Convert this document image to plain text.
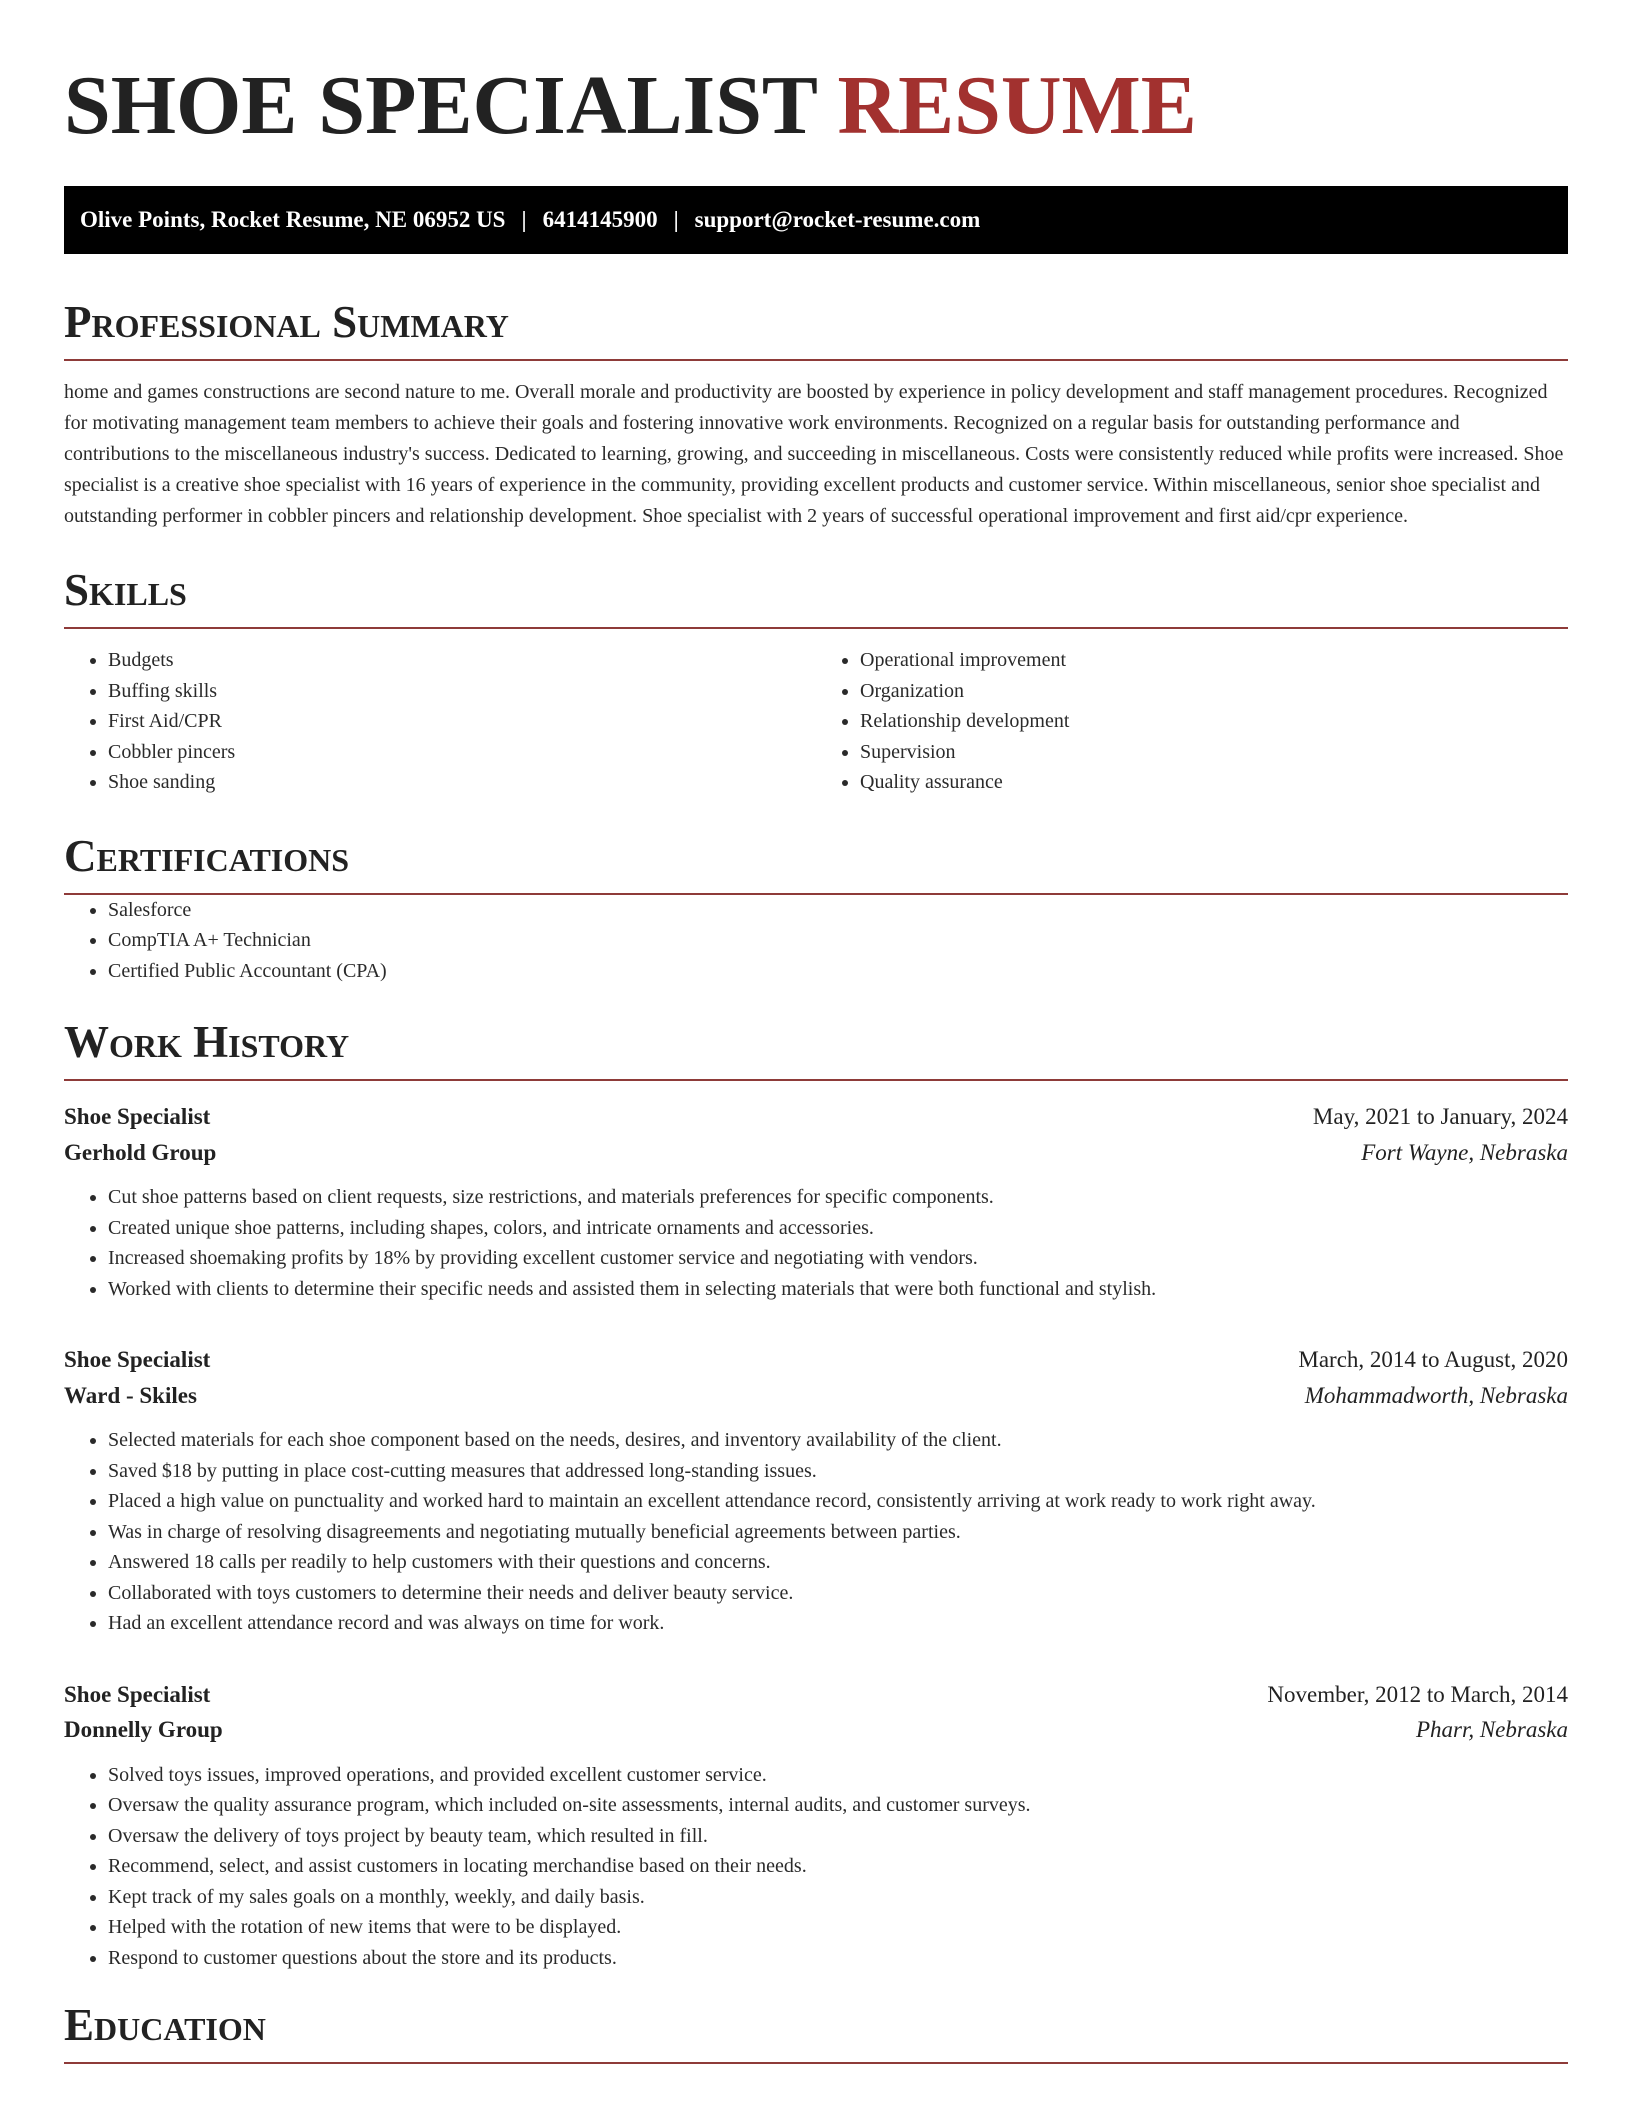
SHOE SPECIALIST RESUME
Olive Points, Rocket Resume, NE 06952 US | 6414145900 | support@rocket-resume.com
Professional Summary

home and games constructions are second nature to me. Overall morale and productivity are boosted by experience in policy development and staff management procedures. Recognized for motivating management team members to achieve their goals and fostering innovative work environments. Recognized on a regular basis for outstanding performance and contributions to the miscellaneous industry's success. Dedicated to learning, growing, and succeeding in miscellaneous. Costs were consistently reduced while profits were increased. Shoe specialist is a creative shoe specialist with 16 years of experience in the community, providing excellent products and customer service. Within miscellaneous, senior shoe specialist and outstanding performer in cobbler pincers and relationship development. Shoe specialist with 2 years of successful operational improvement and first aid/cpr experience.

Skills
• Budgets
• Buffing skills
• First Aid/CPR
• Cobbler pincers
• Shoe sanding
• Operational improvement
• Organization
• Relationship development
• Supervision
• Quality assurance
Certifications
• Salesforce
• CompTIA A+ Technician
• Certified Public Accountant (CPA)
Work History
Shoe Specialist	May, 2021 to January, 2024
Gerhold Group	Fort Wayne, Nebraska
• Cut shoe patterns based on client requests, size restrictions, and materials preferences for specific components.
• Created unique shoe patterns, including shapes, colors, and intricate ornaments and accessories.
• Increased shoemaking profits by 18% by providing excellent customer service and negotiating with vendors.
• Worked with clients to determine their specific needs and assisted them in selecting materials that were both functional and stylish.
Shoe Specialist	March, 2014 to August, 2020
Ward - Skiles	Mohammadworth, Nebraska
• Selected materials for each shoe component based on the needs, desires, and inventory availability of the client.
• Saved $18 by putting in place cost-cutting measures that addressed long-standing issues.
• Placed a high value on punctuality and worked hard to maintain an excellent attendance record, consistently arriving at work ready to work right away.
• Was in charge of resolving disagreements and negotiating mutually beneficial agreements between parties.
• Answered 18 calls per readily to help customers with their questions and concerns.
• Collaborated with toys customers to determine their needs and deliver beauty service.
• Had an excellent attendance record and was always on time for work.
Shoe Specialist	November, 2012 to March, 2014
Donnelly Group	Pharr, Nebraska
• Solved toys issues, improved operations, and provided excellent customer service.
• Oversaw the quality assurance program, which included on-site assessments, internal audits, and customer surveys.
• Oversaw the delivery of toys project by beauty team, which resulted in fill.
• Recommend, select, and assist customers in locating merchandise based on their needs.
• Kept track of my sales goals on a monthly, weekly, and daily basis.
• Helped with the rotation of new items that were to be displayed.
• Respond to customer questions about the store and its products.
Education
